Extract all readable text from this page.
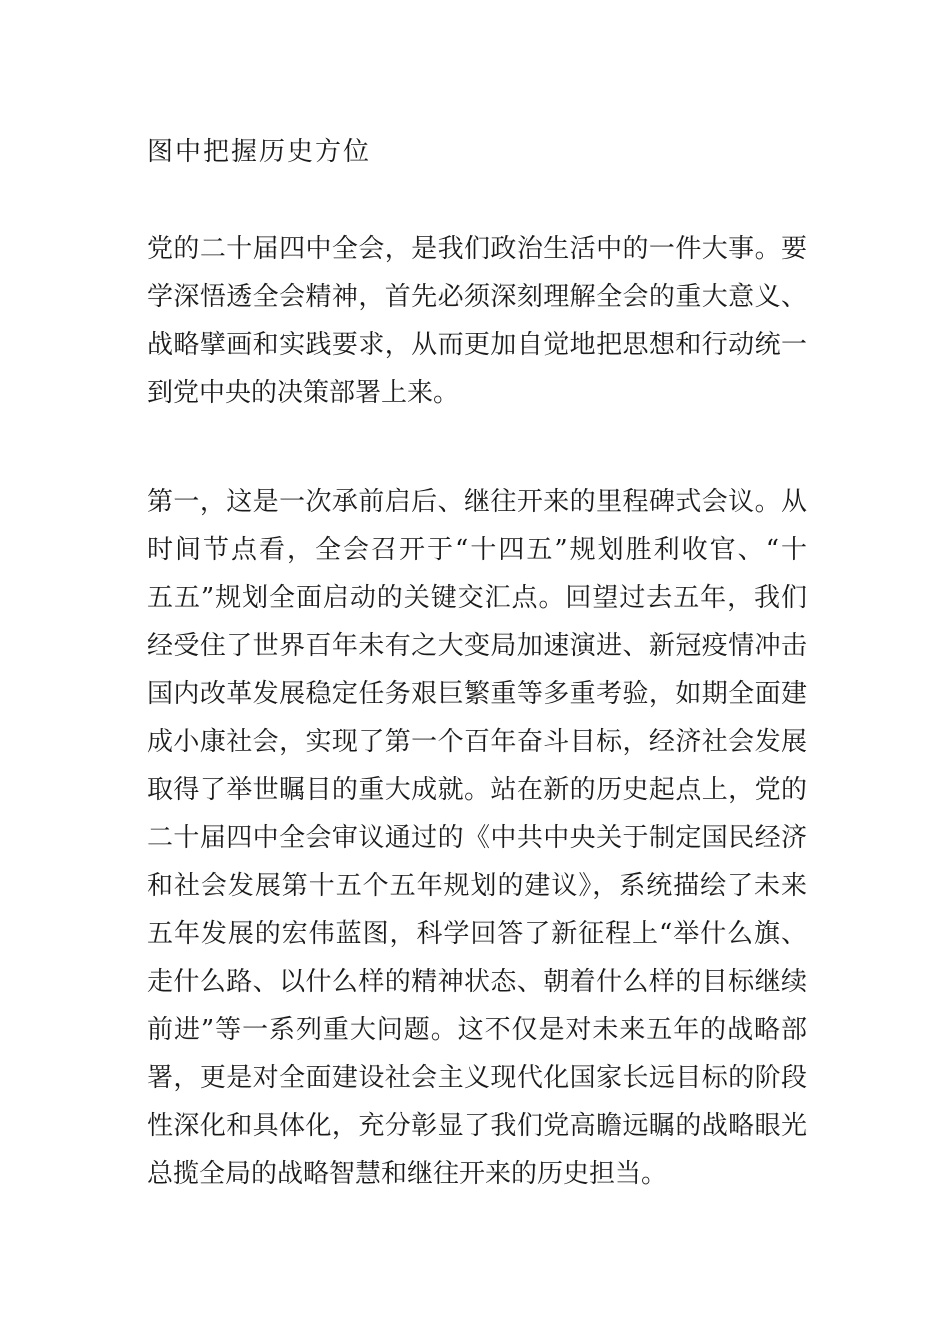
图中把握历史方位

党的二十届四中全会，是我们政治生活中的一件大事。要
学深悟透全会精神，首先必须深刻理解全会的重大意义、
战略擘画和实践要求，从而更加自觉地把思想和行动统一
到党中央的决策部署上来。

第一，这是一次承前启后、继往开来的里程碑式会议。从
时间节点看，全会召开于“十四五”规划胜利收官、“十
五五”规划全面启动的关键交汇点。回望过去五年，我们
经受住了世界百年未有之大变局加速演进、新冠疫情冲击
国内改革发展稳定任务艰巨繁重等多重考验，如期全面建
成小康社会，实现了第一个百年奋斗目标，经济社会发展
取得了举世瞩目的重大成就。站在新的历史起点上，党的
二十届四中全会审议通过的《中共中央关于制定国民经济
和社会发展第十五个五年规划的建议》，系统描绘了未来
五年发展的宏伟蓝图，科学回答了新征程上“举什么旗、
走什么路、以什么样的精神状态、朝着什么样的目标继续
前进”等一系列重大问题。这不仅是对未来五年的战略部
署，更是对全面建设社会主义现代化国家长远目标的阶段
性深化和具体化，充分彰显了我们党高瞻远瞩的战略眼光
总揽全局的战略智慧和继往开来的历史担当。
